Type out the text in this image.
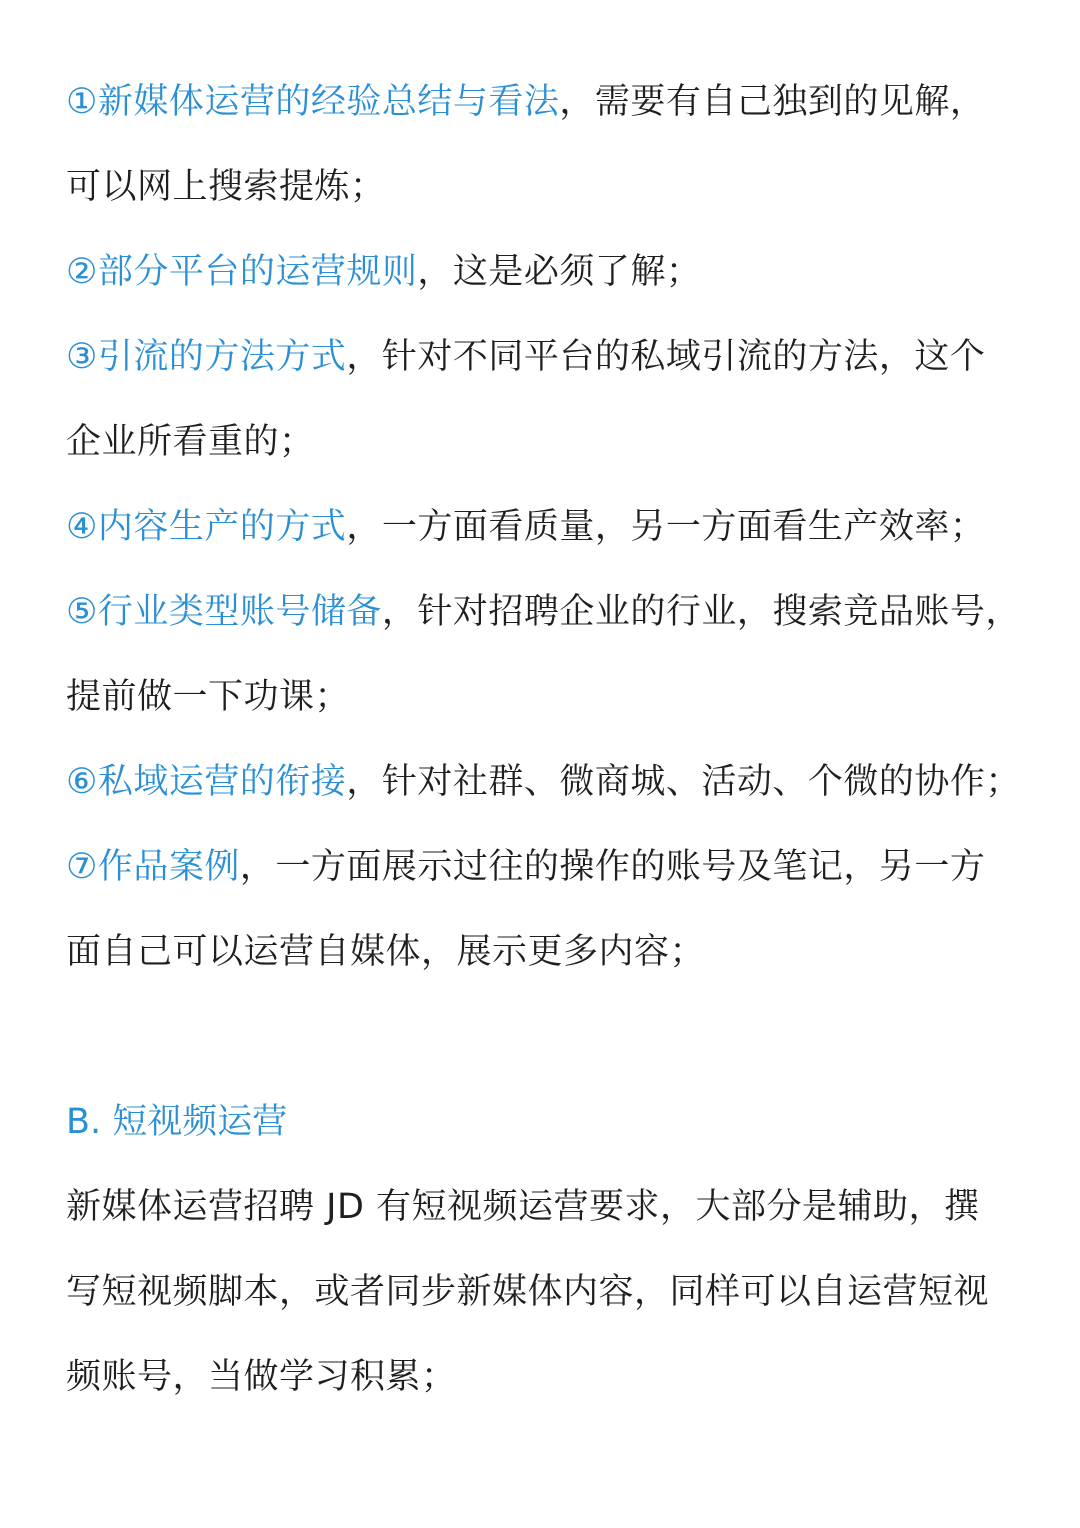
①新媒体运营的经验总结与看法，需要有自己独到的见解，
可以网上搜索提炼；
②部分平台的运营规则，这是必须了解；
③引流的方法方式，针对不同平台的私域引流的方法，这个
企业所看重的；
④内容生产的方式，一方面看质量，另一方面看生产效率；
⑤行业类型账号储备，针对招聘企业的行业，搜索竞品账号，
提前做一下功课；
⑥私域运营的衔接，针对社群、微商城、活动、个微的协作；
⑦作品案例，一方面展示过往的操作的账号及笔记，另一方
面自己可以运营自媒体，展示更多内容；
B. 短视频运营
新媒体运营招聘 JD 有短视频运营要求，大部分是辅助，撰
写短视频脚本，或者同步新媒体内容，同样可以自运营短视
频账号，当做学习积累；
